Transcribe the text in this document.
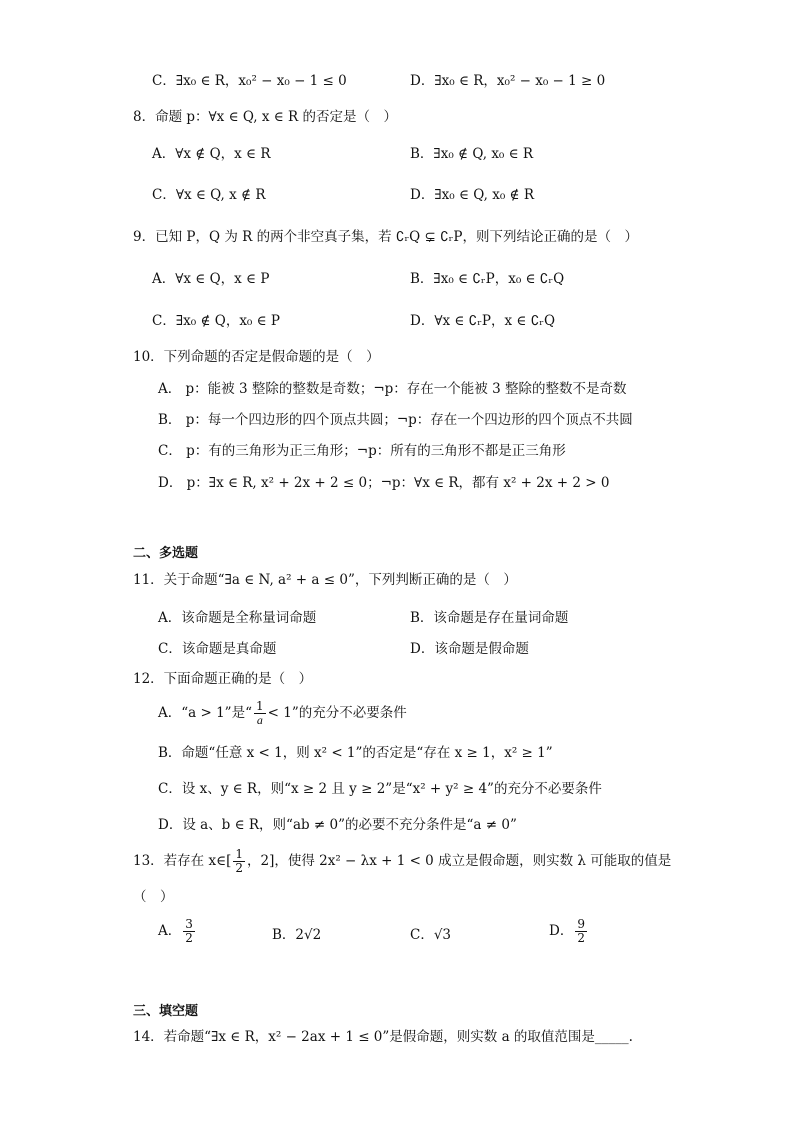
C．∃x₀ ∈ R，x₀² − x₀ − 1 ≤ 0	D．∃x₀ ∈ R，x₀² − x₀ − 1 ≥ 0
8．命题 p：∀x ∈ Q, x ∈ R 的否定是（　）
A．∀x ∉ Q，x ∈ R	B．∃x₀ ∉ Q, x₀ ∈ R
C．∀x ∈ Q, x ∉ R	D．∃x₀ ∈ Q, x₀ ∉ R
9．已知 P，Q 为 R 的两个非空真子集，若 ∁ᵣQ ⊊ ∁ᵣP，则下列结论正确的是（　）
A．∀x ∈ Q，x ∈ P	B．∃x₀ ∈ ∁ᵣP，x₀ ∈ ∁ᵣQ
C．∃x₀ ∉ Q，x₀ ∈ P	D．∀x ∈ ∁ᵣP，x ∈ ∁ᵣQ
10．下列命题的否定是假命题的是（　）
A． p：能被 3 整除的整数是奇数；¬p：存在一个能被 3 整除的整数不是奇数
B． p：每一个四边形的四个顶点共圆；¬p：存在一个四边形的四个顶点不共圆
C． p：有的三角形为正三角形；¬p：所有的三角形不都是正三角形
D． p：∃x ∈ R, x² + 2x + 2 ≤ 0；¬p：∀x ∈ R，都有 x² + 2x + 2 > 0
二、多选题
11．关于命题“∃a ∈ N, a² + a ≤ 0”，下列判断正确的是（　）
A．该命题是全称量词命题	B．该命题是存在量词命题
C．该命题是真命题	D．该命题是假命题
12．下面命题正确的是（　）
A．“a > 1”是“ $\frac{1}{a} < 1$”的充分不必要条件
B．命题“任意 x < 1，则 x² < 1”的否定是“存在 x ≥ 1，x² ≥ 1”
C．设 x、y ∈ R，则“x ≥ 2 且 y ≥ 2”是“x² + y² ≥ 4”的充分不必要条件
D．设 a、b ∈ R，则“ab ≠ 0”的必要不充分条件是“a ≠ 0”
13．若存在 x∈[ $\frac{1}{2}$ ，2]，使得 2x² − λx + 1 < 0 成立是假命题，则实数 λ 可能取的值是
（　）
A． $\frac{3}{2}$	B．2√2	C．√3	D． $\frac{9}{2}$
三、填空题
14．若命题“∃x ∈ R，x² − 2ax + 1 ≤ 0”是假命题，则实数 a 的取值范围是_____.
